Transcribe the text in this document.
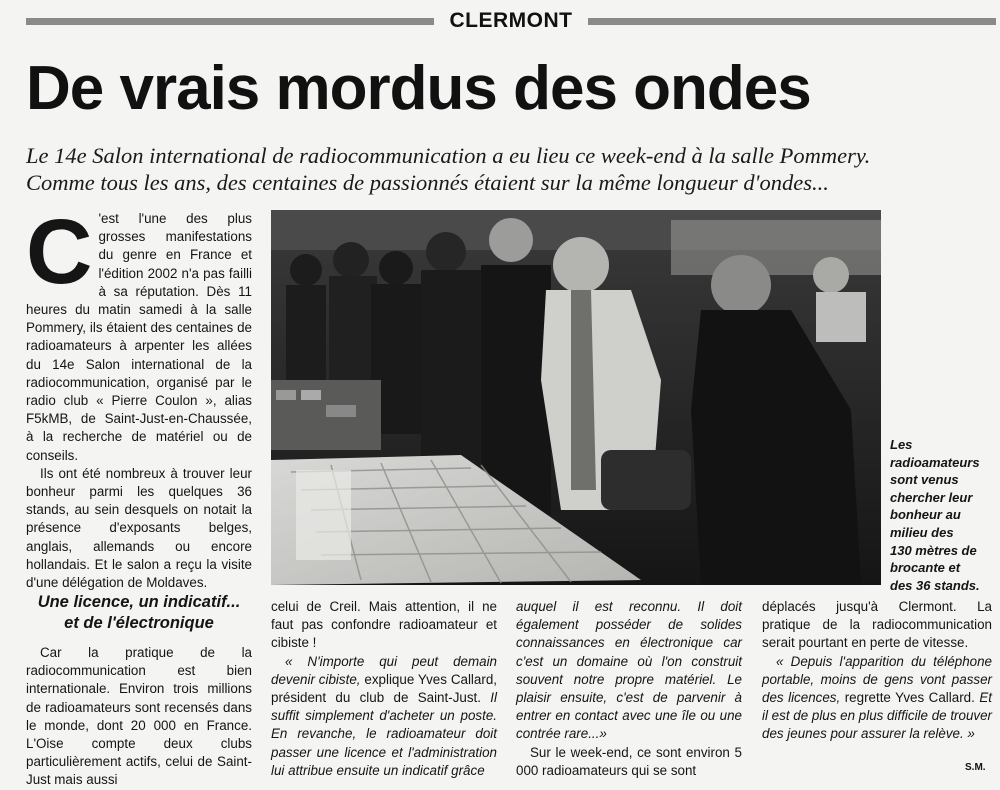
CLERMONT
De vrais mordus des ondes

Le 14e Salon international de radiocommunication a eu lieu ce week-end à la salle Pommery.

Comme tous les ans, des centaines de passionnés étaient sur la même longueur d'ondes...

C 'est l'une des plus grosses manifestations du genre en France et l'édition 2002 n'a pas failli à sa réputation. Dès 11 heures du matin samedi à la salle Pommery, ils étaient des centaines de radioamateurs à arpenter les allées du 14e Salon international de la radiocommunication, organisé par le radio club « Pierre Coulon », alias F5kMB, de Saint-Just-en-Chaussée, à la recherche de matériel ou de conseils.

Ils ont été nombreux à trouver leur bonheur parmi les quelques 36 stands, au sein desquels on notait la présence d'exposants belges, anglais, allemands ou encore hollandais. Et le salon a reçu la visite d'une délégation de Moldaves.

Une licence, un indicatif...
et de l'électronique

Car la pratique de la radiocommunication est bien internationale. Environ trois millions de radioamateurs sont recensés dans le monde, dont 20 000 en France. L'Oise compte deux clubs particulièrement actifs, celui de Saint-Just mais aussi

Les
radioamateurs
sont venus
chercher leur
bonheur au
milieu des
130 mètres de
brocante et
des 36 stands.

celui de Creil. Mais attention, il ne faut pas confondre radioamateur et cibiste !

« N'importe qui peut demain devenir cibiste, explique Yves Callard, président du club de Saint-Just. Il suffit simplement d'acheter un poste. En revanche, le radioamateur doit passer une licence et l'administration lui attribue ensuite un indicatif grâce

auquel il est reconnu. Il doit également posséder de solides connaissances en électronique car c'est un domaine où l'on construit souvent notre propre matériel. Le plaisir ensuite, c'est de parvenir à entrer en contact avec une île ou une contrée rare...»

Sur le week-end, ce sont environ 5 000 radioamateurs qui se sont

déplacés jusqu'à Clermont. La pratique de la radiocommunication serait pourtant en perte de vitesse.

« Depuis l'apparition du téléphone portable, moins de gens vont passer des licences, regrette Yves Callard. Et il est de plus en plus difficile de trouver des jeunes pour assurer la relève. »

S.M.
